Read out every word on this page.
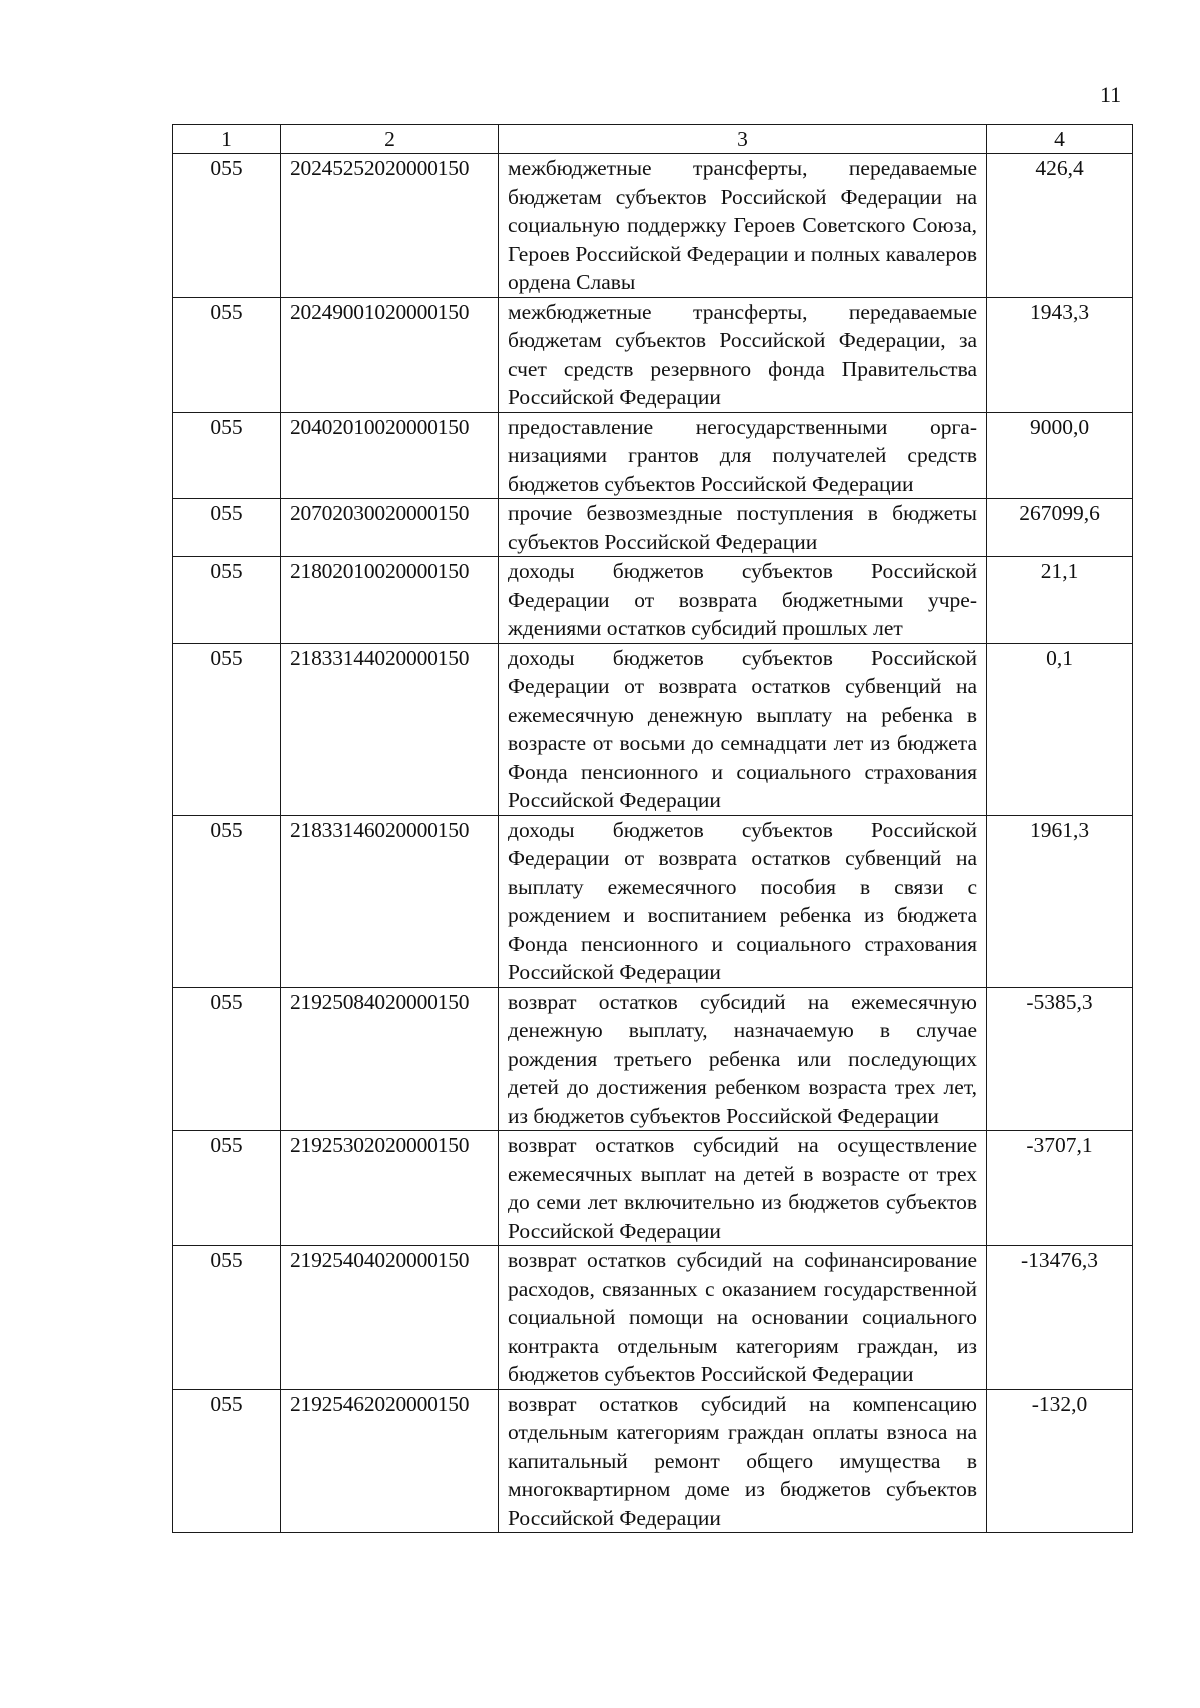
11
1	2	3	4
055	20245252020000150	межбюджетные трансферты, передаваемые бюджетам субъектов Российской Федерации на социальную поддержку Героев Советского Союза, Героев Российской Федерации и полных кавалеров ордена Славы	426,4
055	20249001020000150	межбюджетные трансферты, передаваемые бюджетам субъектов Российской Федерации, за счет средств резервного фонда Правительства Российской Федерации	1943,3
055	20402010020000150	предоставление негосударственными организациями грантов для получателей средств бюджетов субъектов Российской Федерации	9000,0
055	20702030020000150	прочие безвозмездные поступления в бюджеты субъектов Российской Федерации	267099,6
055	21802010020000150	доходы бюджетов субъектов Российской Федерации от возврата бюджетными учреждениями остатков субсидий прошлых лет	21,1
055	21833144020000150	доходы бюджетов субъектов Российской Федерации от возврата остатков субвенций на ежемесячную денежную выплату на ребенка в возрасте от восьми до семнадцати лет из бюджета Фонда пенсионного и социального страхования Российской Федерации	0,1
055	21833146020000150	доходы бюджетов субъектов Российской Федерации от возврата остатков субвенций на выплату ежемесячного пособия в связи с рождением и воспитанием ребенка из бюджета Фонда пенсионного и социального страхования Российской Федерации	1961,3
055	21925084020000150	возврат остатков субсидий на ежемесячную денежную выплату, назначаемую в случае рождения третьего ребенка или последующих детей до достижения ребенком возраста трех лет, из бюджетов субъектов Российской Федерации	-5385,3
055	21925302020000150	возврат остатков субсидий на осуществление ежемесячных выплат на детей в возрасте от трех до семи лет включительно из бюджетов субъектов Российской Федерации	-3707,1
055	21925404020000150	возврат остатков субсидий на софинансирование расходов, связанных с оказанием государственной социальной помощи на основании социального контракта отдельным категориям граждан, из бюджетов субъектов Российской Федерации	-13476,3
055	21925462020000150	возврат остатков субсидий на компенсацию отдельным категориям граждан оплаты взноса на капитальный ремонт общего имущества в многоквартирном доме из бюджетов субъектов Российской Федерации	-132,0
